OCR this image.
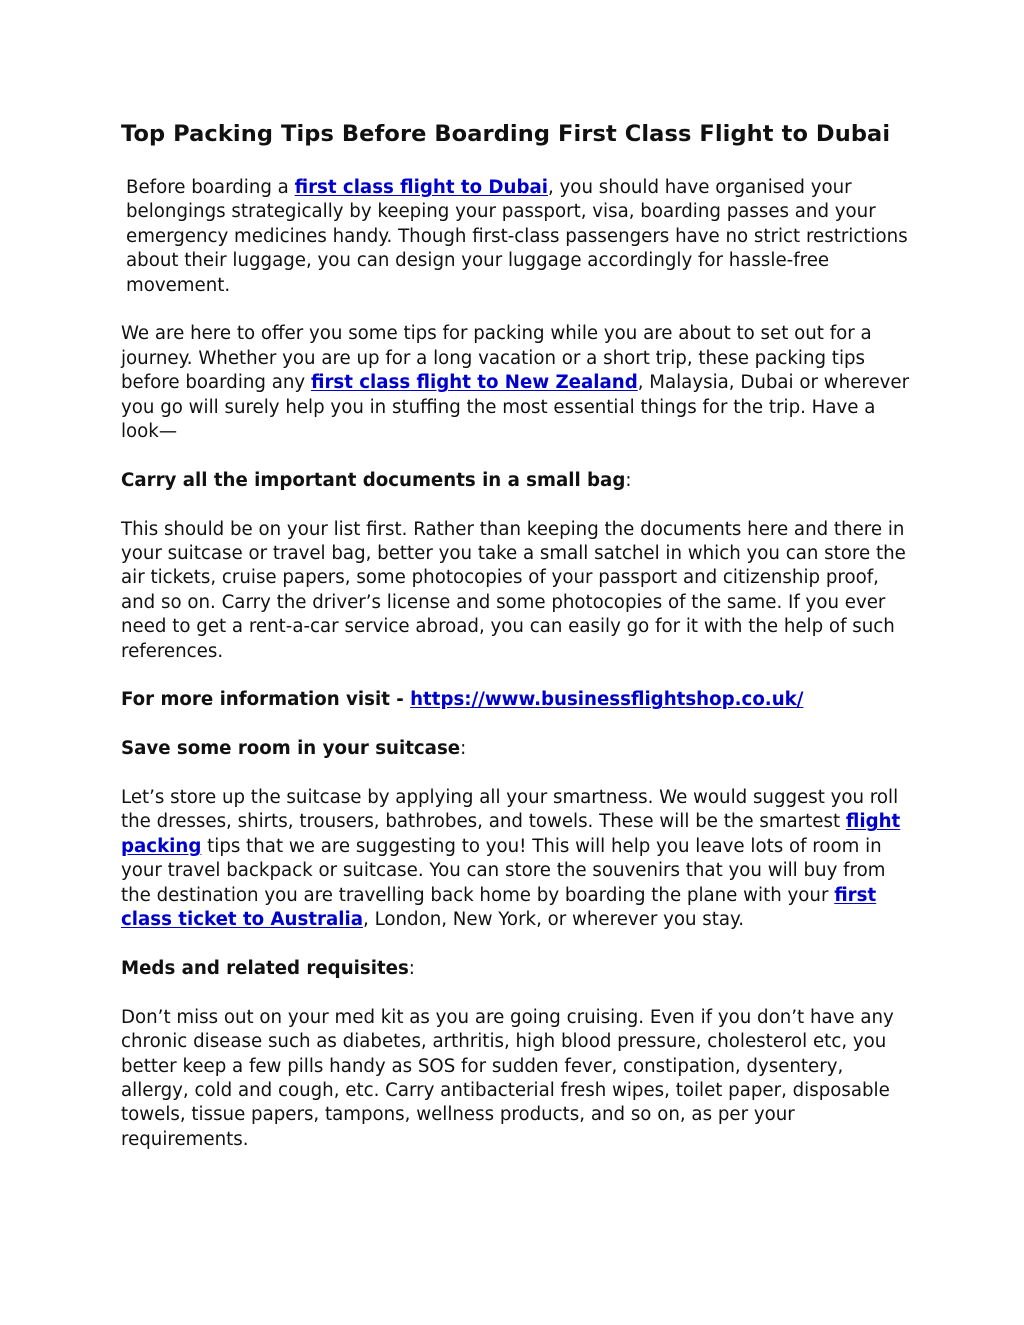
Top Packing Tips Before Boarding First Class Flight to Dubai

Before boarding a first class flight to Dubai, you should have organised your belongings strategically by keeping your passport, visa, boarding passes and your emergency medicines handy. Though first-class passengers have no strict restrictions about their luggage, you can design your luggage accordingly for hassle-free movement.

We are here to offer you some tips for packing while you are about to set out for a journey. Whether you are up for a long vacation or a short trip, these packing tips before boarding any first class flight to New Zealand, Malaysia, Dubai or wherever you go will surely help you in stuffing the most essential things for the trip. Have a look—

Carry all the important documents in a small bag:

This should be on your list first. Rather than keeping the documents here and there in your suitcase or travel bag, better you take a small satchel in which you can store the air tickets, cruise papers, some photocopies of your passport and citizenship proof, and so on. Carry the driver’s license and some photocopies of the same. If you ever need to get a rent-a-car service abroad, you can easily go for it with the help of such references.

For more information visit - https://www.businessflightshop.co.uk/

Save some room in your suitcase:

Let’s store up the suitcase by applying all your smartness. We would suggest you roll the dresses, shirts, trousers, bathrobes, and towels. These will be the smartest flight packing tips that we are suggesting to you! This will help you leave lots of room in your travel backpack or suitcase. You can store the souvenirs that you will buy from the destination you are travelling back home by boarding the plane with your first class ticket to Australia, London, New York, or wherever you stay.

Meds and related requisites:

Don’t miss out on your med kit as you are going cruising. Even if you don’t have any chronic disease such as diabetes, arthritis, high blood pressure, cholesterol etc, you better keep a few pills handy as SOS for sudden fever, constipation, dysentery, allergy, cold and cough, etc. Carry antibacterial fresh wipes, toilet paper, disposable towels, tissue papers, tampons, wellness products, and so on, as per your requirements.
